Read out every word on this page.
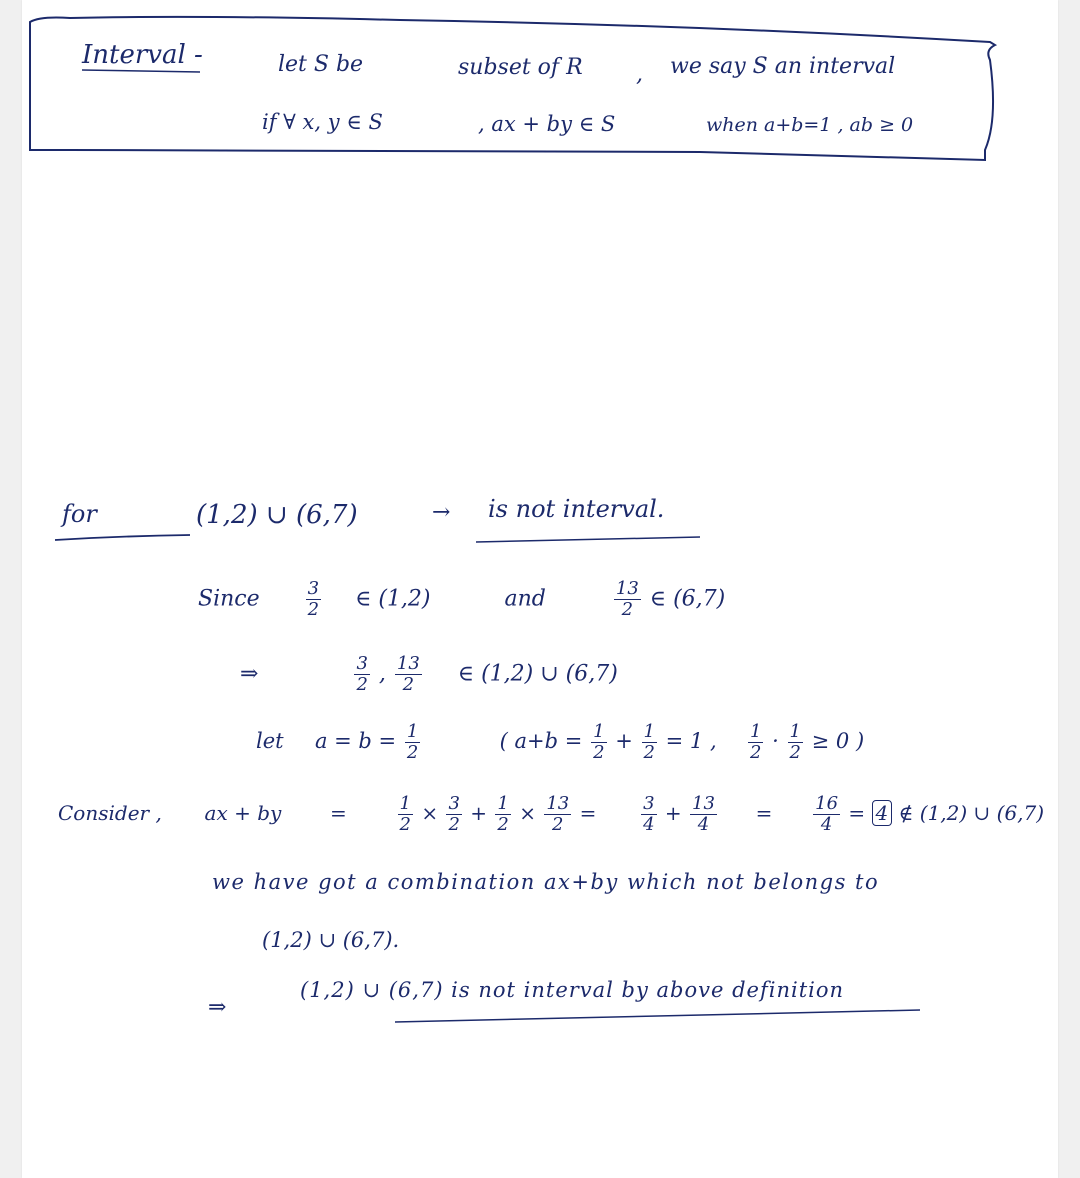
Interval -	let S be	subset of R , we say S an interval
if ∀ x, y ∈ S	, ax + by ∈ S	when a+b=1 , ab ≥ 0
for	(1,2) ∪ (6,7)	→ is not interval.
Since	$\frac{3}{2}$ ∈ (1,2)	and	$\frac{13}{2}$ ∈ (6,7)
⇒	$\frac{3}{2}$ , $\frac{13}{2}$ ∈ (1,2) ∪ (6,7)
let $a = b = \frac{1}{2}$	( $a+b = \frac{1}{2} + \frac{1}{2} = 1$ , $\frac{1}{2} \cdot \frac{1}{2} \ge 0$ )
Consider , ax + by =	$\frac{1}{2} \times \frac{3}{2} + \frac{1}{2} \times \frac{13}{2} = \frac{3}{4} + \frac{13}{4} = \frac{16}{4} = 4$ ∉ (1,2) ∪ (6,7)
we have got a combination ax+by which not belongs to
(1,2) ∪ (6,7).
⇒
(1,2) ∪ (6,7) is not interval by above definition
